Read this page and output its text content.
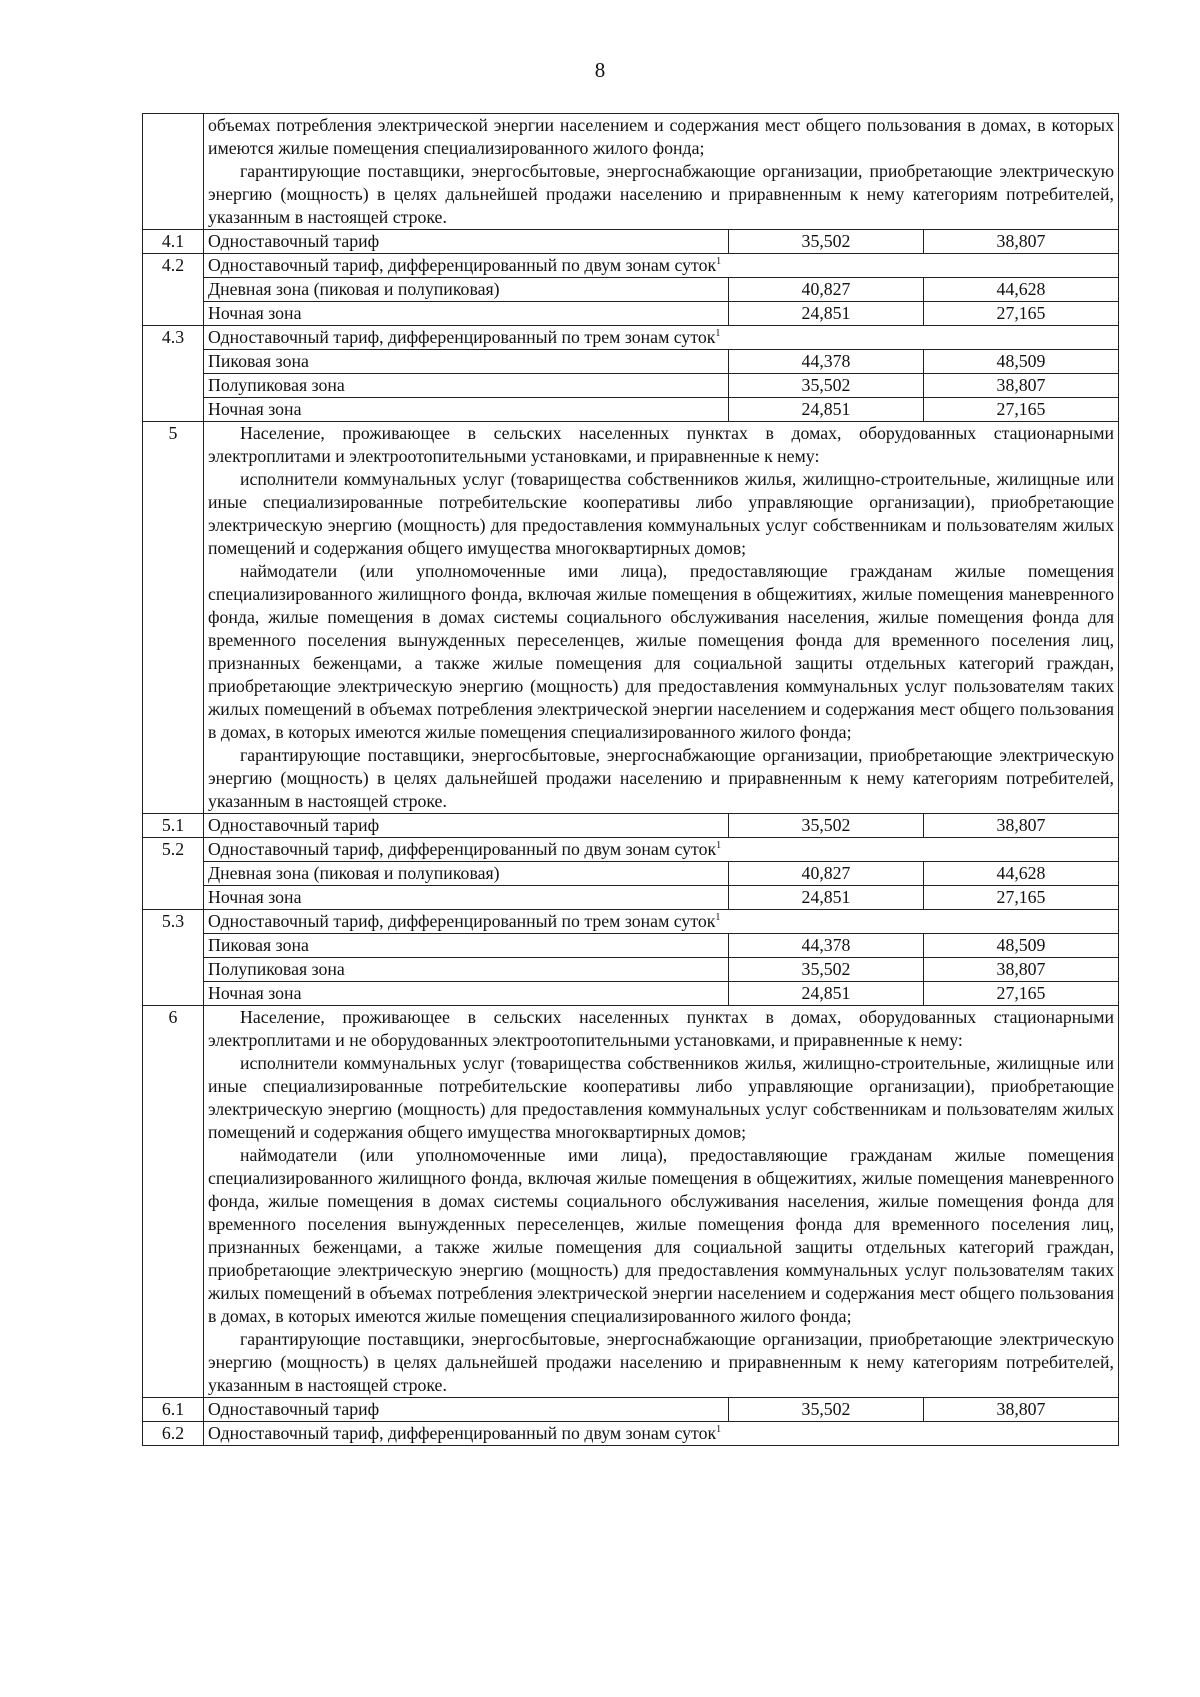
8

	объемах потребления электрической энергии населением и содержания мест общего пользования в домах, в которых имеются жилые помещения специализированного жилого фонда;
гарантирующие поставщики, энергосбытовые, энергоснабжающие организации, приобретающие электрическую энергию (мощность) в целях дальнейшей продажи населению и приравненным к нему категориям потребителей, указанным в настоящей строке.		

4.1	Одноставочный тариф	35,502	38,807
4.2	Одноставочный тариф, дифференцированный по двум зонам суток$^1$
	Дневная зона (пиковая и полупиковая)	40,827	44,628
	Ночная зона	24,851	27,165
4.3	Одноставочный тариф, дифференцированный по трем зонам суток$^1$
	Пиковая зона	44,378	48,509
	Полупиковая зона	35,502	38,807
	Ночная зона	24,851	27,165
5	Население, проживающее в сельских населенных пунктах в домах, оборудованных стационарными электроплитами и электроотопительными установками, и приравненные к нему:
исполнители коммунальных услуг (товарищества собственников жилья, жилищно-строительные, жилищные или иные специализированные потребительские кооперативы либо управляющие организации), приобретающие электрическую энергию (мощность) для предоставления коммунальных услуг собственникам и пользователям жилых помещений и содержания общего имущества многоквартирных домов;
наймодатели (или уполномоченные ими лица), предоставляющие гражданам жилые помещения специализированного жилищного фонда, включая жилые помещения в общежитиях, жилые помещения маневренного фонда, жилые помещения в домах системы социального обслуживания населения, жилые помещения фонда для временного поселения вынужденных переселенцев, жилые помещения фонда для временного поселения лиц, признанных беженцами, а также жилые помещения для социальной защиты отдельных категорий граждан, приобретающие электрическую энергию (мощность) для предоставления коммунальных услуг пользователям таких жилых помещений в объемах потребления электрической энергии населением и содержания мест общего пользования в домах, в которых имеются жилые помещения специализированного жилого фонда;
гарантирующие поставщики, энергосбытовые, энергоснабжающие организации, приобретающие электрическую энергию (мощность) в целях дальнейшей продажи населению и приравненным к нему категориям потребителей, указанным в настоящей строке.		

5.1	Одноставочный тариф	35,502	38,807
5.2	Одноставочный тариф, дифференцированный по двум зонам суток$^1$
	Дневная зона (пиковая и полупиковая)	40,827	44,628
	Ночная зона	24,851	27,165
5.3	Одноставочный тариф, дифференцированный по трем зонам суток$^1$
	Пиковая зона	44,378	48,509
	Полупиковая зона	35,502	38,807
	Ночная зона	24,851	27,165
6	Население, проживающее в сельских населенных пунктах в домах, оборудованных стационарными электроплитами и не оборудованных электроотопительными установками, и приравненные к нему:
исполнители коммунальных услуг (товарищества собственников жилья, жилищно-строительные, жилищные или иные специализированные потребительские кооперативы либо управляющие организации), приобретающие электрическую энергию (мощность) для предоставления коммунальных услуг собственникам и пользователям жилых помещений и содержания общего имущества многоквартирных домов;
наймодатели (или уполномоченные ими лица), предоставляющие гражданам жилые помещения специализированного жилищного фонда, включая жилые помещения в общежитиях, жилые помещения маневренного фонда, жилые помещения в домах системы социального обслуживания населения, жилые помещения фонда для временного поселения вынужденных переселенцев, жилые помещения фонда для временного поселения лиц, признанных беженцами, а также жилые помещения для социальной защиты отдельных категорий граждан, приобретающие электрическую энергию (мощность) для предоставления коммунальных услуг пользователям таких жилых помещений в объемах потребления электрической энергии населением и содержания мест общего пользования в домах, в которых имеются жилые помещения специализированного жилого фонда;
гарантирующие поставщики, энергосбытовые, энергоснабжающие организации, приобретающие электрическую энергию (мощность) в целях дальнейшей продажи населению и приравненным к нему категориям потребителей, указанным в настоящей строке.		

6.1	Одноставочный тариф	35,502	38,807
6.2	Одноставочный тариф, дифференцированный по двум зонам суток$^1$
